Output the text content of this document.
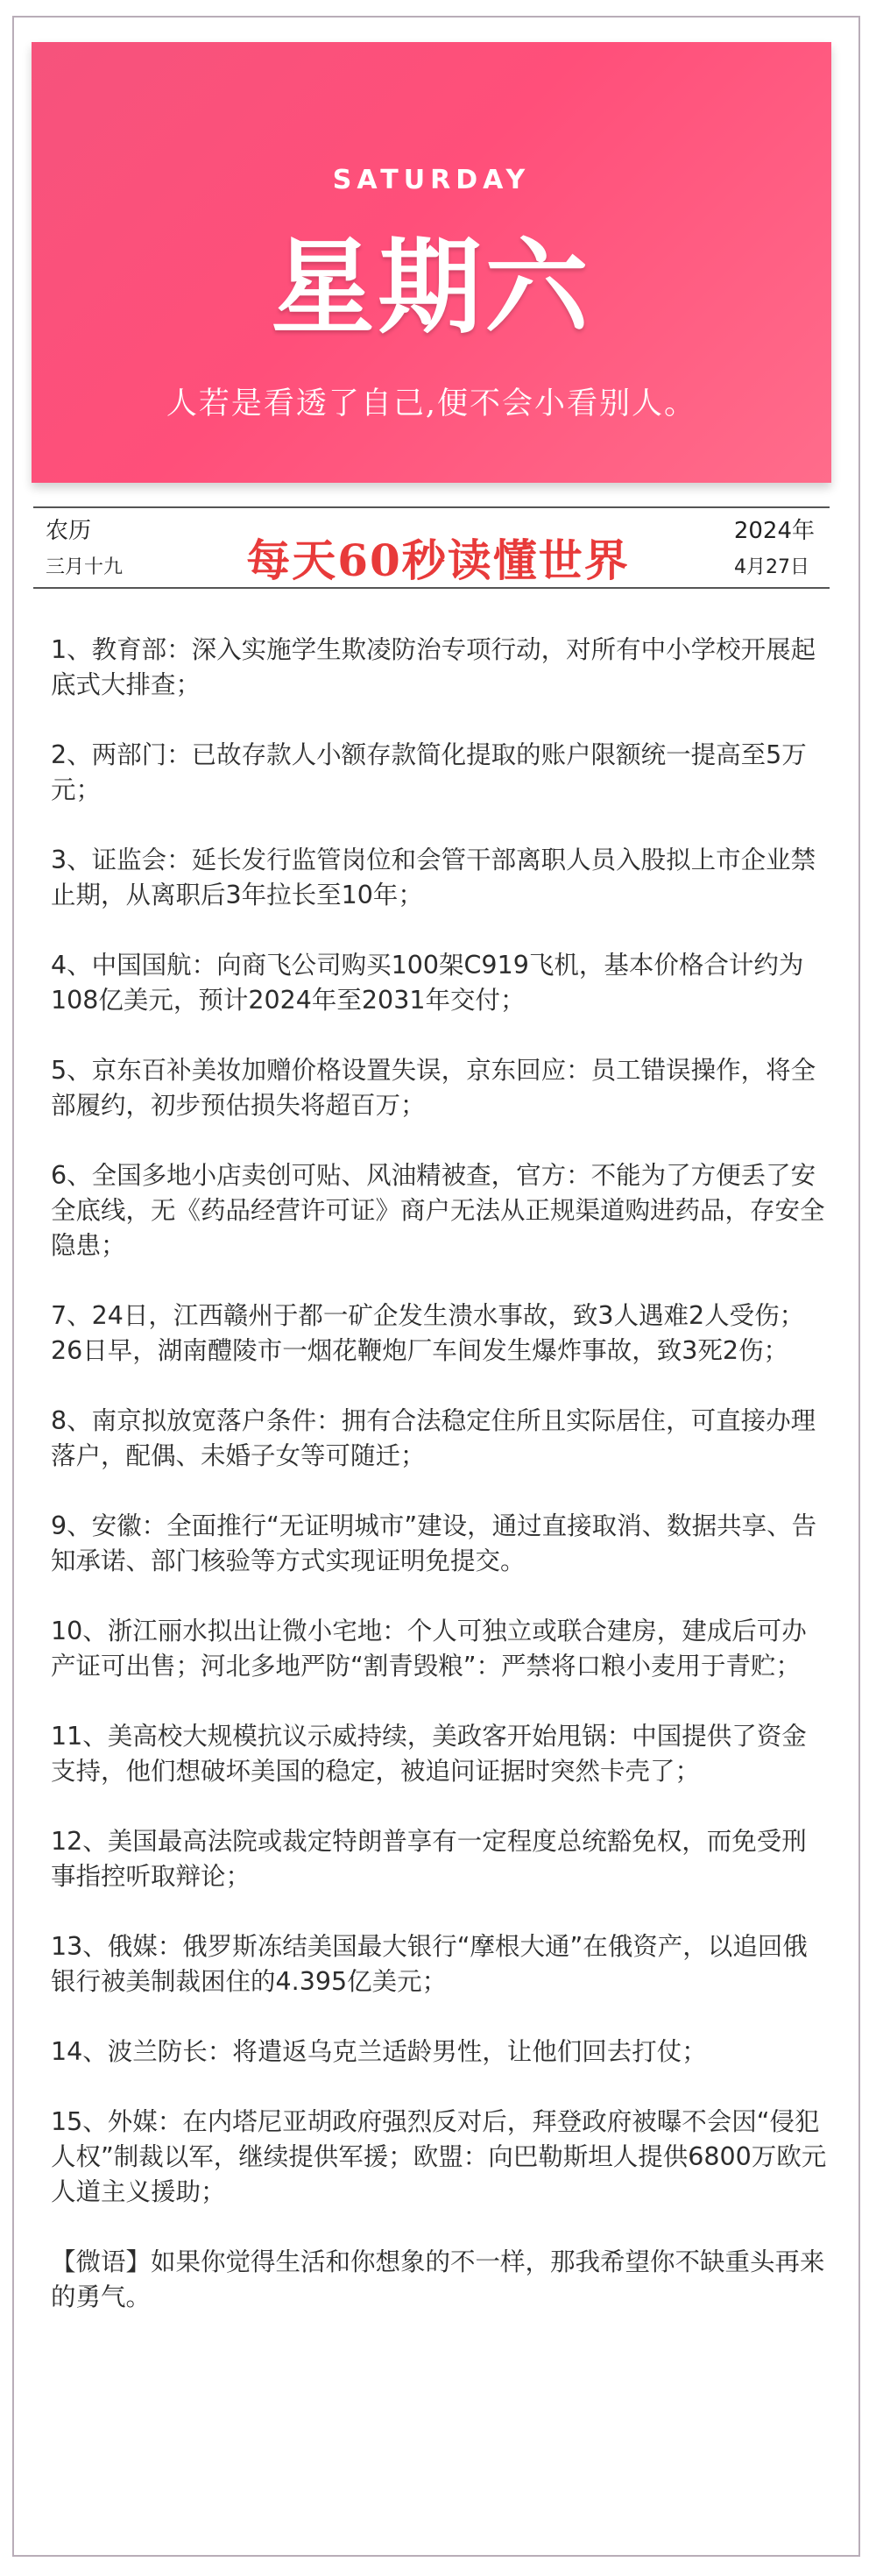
SATURDAY
星期六
人若是看透了自己,便不会小看别人。
农历
三月十九
2024年
4月27日
每天60秒读懂世界

1、教育部：深入实施学生欺凌防治专项行动，对所有中小学校开展起底式大排查；

2、两部门：已故存款人小额存款简化提取的账户限额统一提高至5万元；

3、证监会：延长发行监管岗位和会管干部离职人员入股拟上市企业禁止期，从离职后3年拉长至10年；

4、中国国航：向商飞公司购买100架C919飞机，基本价格合计约为108亿美元，预计2024年至2031年交付；

5、京东百补美妆加赠价格设置失误，京东回应：员工错误操作，将全部履约，初步预估损失将超百万；

6、全国多地小店卖创可贴、风油精被查，官方：不能为了方便丢了安全底线，无《药品经营许可证》商户无法从正规渠道购进药品，存安全隐患；

7、24日，江西赣州于都一矿企发生溃水事故，致3人遇难2人受伤；26日早，湖南醴陵市一烟花鞭炮厂车间发生爆炸事故，致3死2伤；

8、南京拟放宽落户条件：拥有合法稳定住所且实际居住，可直接办理落户，配偶、未婚子女等可随迁；

9、安徽：全面推行“无证明城市”建设，通过直接取消、数据共享、告知承诺、部门核验等方式实现证明免提交。

10、浙江丽水拟出让微小宅地：个人可独立或联合建房，建成后可办产证可出售；河北多地严防“割青毁粮”：严禁将口粮小麦用于青贮；

11、美高校大规模抗议示威持续，美政客开始甩锅：中国提供了资金支持，他们想破坏美国的稳定，被追问证据时突然卡壳了；

12、美国最高法院或裁定特朗普享有一定程度总统豁免权，而免受刑事指控听取辩论；

13、俄媒：俄罗斯冻结美国最大银行“摩根大通”在俄资产，以追回俄银行被美制裁困住的4.395亿美元；

14、波兰防长：将遣返乌克兰适龄男性，让他们回去打仗；

15、外媒：在内塔尼亚胡政府强烈反对后，拜登政府被曝不会因“侵犯人权”制裁以军，继续提供军援；欧盟：向巴勒斯坦人提供6800万欧元人道主义援助；

【微语】如果你觉得生活和你想象的不一样，那我希望你不缺重头再来的勇气。
